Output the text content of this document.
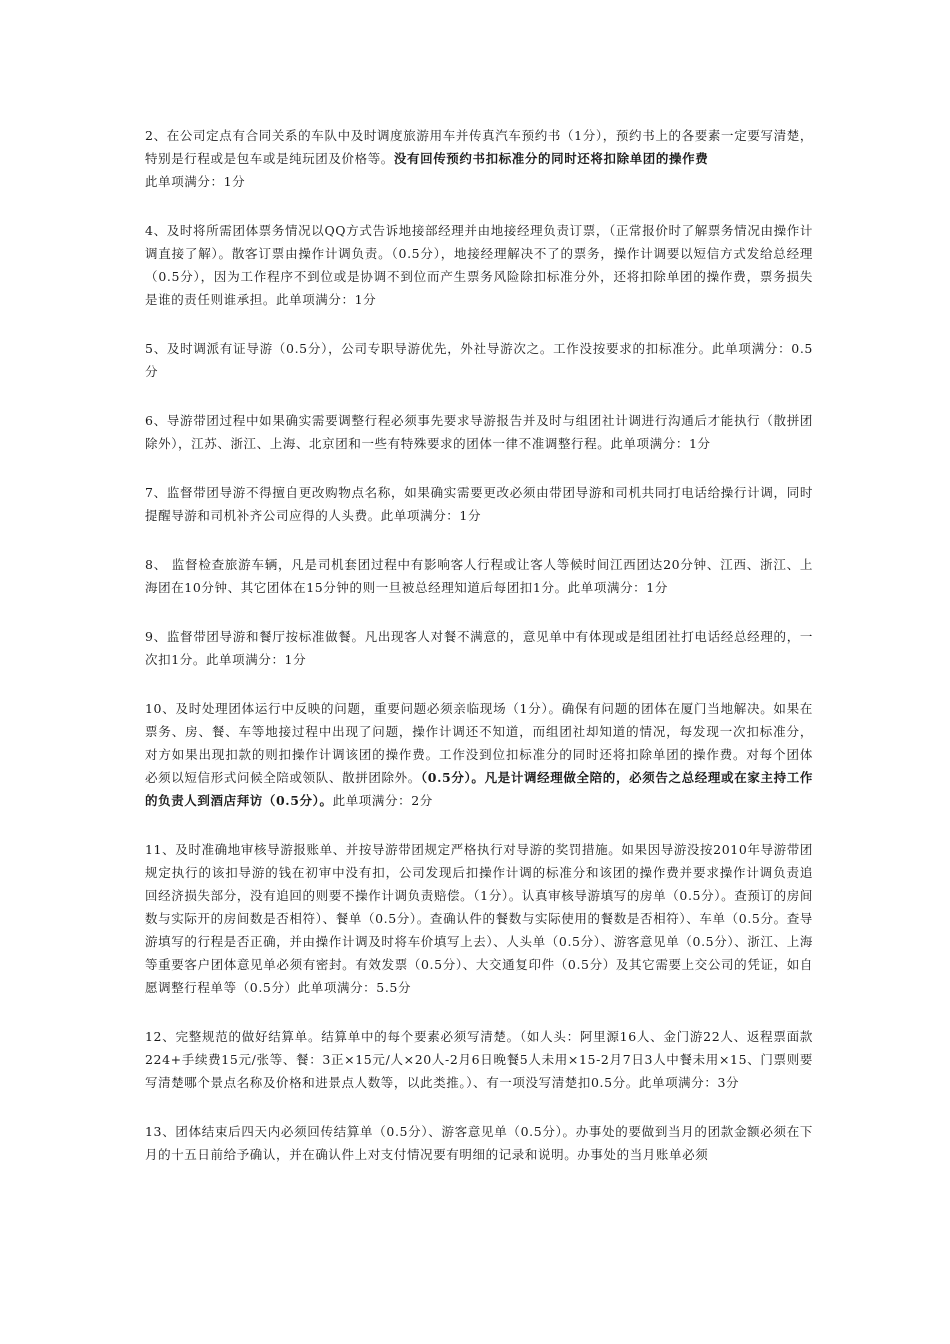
2、在公司定点有合同关系的车队中及时调度旅游用车并传真汽车预约书（1分），预约书上的各要素一定要写清楚，特别是行程或是包车或是纯玩团及价格等。没有回传预约书扣标准分的同时还将扣除单团的操作费
此单项满分：1分

4、及时将所需团体票务情况以QQ方式告诉地接部经理并由地接经理负责订票，（正常报价时了解票务情况由操作计调直接了解）。散客订票由操作计调负责。（0.5分），地接经理解决不了的票务，操作计调要以短信方式发给总经理（0.5分），因为工作程序不到位或是协调不到位而产生票务风险除扣标准分外，还将扣除单团的操作费，票务损失是谁的责任则谁承担。此单项满分：1分

5、及时调派有证导游（0.5分），公司专职导游优先，外社导游次之。工作没按要求的扣标准分。此单项满分：0.5分

6、导游带团过程中如果确实需要调整行程必须事先要求导游报告并及时与组团社计调进行沟通后才能执行（散拼团除外），江苏、浙江、上海、北京团和一些有特殊要求的团体一律不准调整行程。此单项满分：1分

7、监督带团导游不得擅自更改购物点名称，如果确实需要更改必须由带团导游和司机共同打电话给操行计调，同时提醒导游和司机补齐公司应得的人头费。此单项满分：1分

8、 监督检查旅游车辆，凡是司机套团过程中有影响客人行程或让客人等候时间江西团达20分钟、江西、浙江、上海团在10分钟、其它团体在15分钟的则一旦被总经理知道后每团扣1分。此单项满分：1分

9、监督带团导游和餐厅按标准做餐。凡出现客人对餐不满意的，意见单中有体现或是组团社打电话经总经理的，一次扣1分。此单项满分：1分

10、及时处理团体运行中反映的问题，重要问题必须亲临现场（1分）。确保有问题的团体在厦门当地解决。如果在票务、房、餐、车等地接过程中出现了问题，操作计调还不知道，而组团社却知道的情况，每发现一次扣标准分，对方如果出现扣款的则扣操作计调该团的操作费。工作没到位扣标准分的同时还将扣除单团的操作费。对每个团体必须以短信形式问候全陪或领队、散拼团除外。（0.5分）。凡是计调经理做全陪的，必须告之总经理或在家主持工作的负责人到酒店拜访（0.5分）。此单项满分：2分

11、及时准确地审核导游报账单、并按导游带团规定严格执行对导游的奖罚措施。如果因导游没按2010年导游带团规定执行的该扣导游的钱在初审中没有扣，公司发现后扣操作计调的标准分和该团的操作费并要求操作计调负责追回经济损失部分，没有追回的则要不操作计调负责赔偿。（1分）。认真审核导游填写的房单（0.5分）。查预订的房间数与实际开的房间数是否相符）、餐单（0.5分）。查确认件的餐数与实际使用的餐数是否相符）、车单（0.5分。查导游填写的行程是否正确，并由操作计调及时将车价填写上去）、人头单（0.5分）、游客意见单（0.5分）、浙江、上海等重要客户团体意见单必须有密封。有效发票（0.5分）、大交通复印件（0.5分）及其它需要上交公司的凭证，如自愿调整行程单等（0.5分）此单项满分：5.5分

12、完整规范的做好结算单。结算单中的每个要素必须写清楚。（如人头：阿里源16人、金门游22人、返程票面款224+手续费15元/张等、餐：3正×15元/人×20人-2月6日晚餐5人未用×15-2月7日3人中餐未用×15、门票则要写清楚哪个景点名称及价格和进景点人数等，以此类推。）、有一项没写清楚扣0.5分。此单项满分：3分

13、团体结束后四天内必须回传结算单（0.5分）、游客意见单（0.5分）。办事处的要做到当月的团款金额必须在下月的十五日前给予确认，并在确认件上对支付情况要有明细的记录和说明。办事处的当月账单必须
